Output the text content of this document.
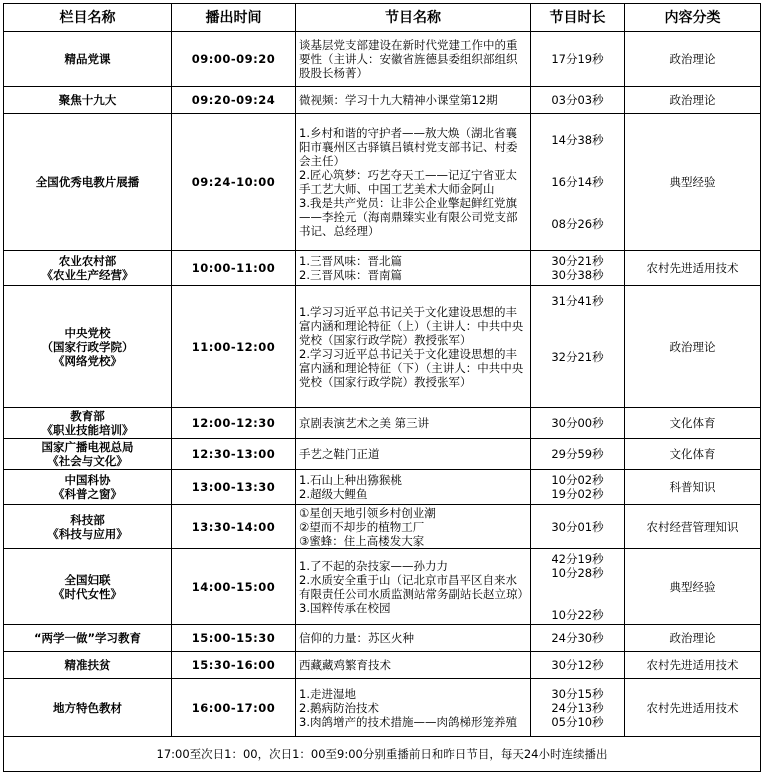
栏目名称	播出时间	节目名称	节目时长	内容分类

精品党课	09:00-09:20	谈基层党支部建设在新时代党建工作中的重要性（主讲人：安徽省旌德县委组织部组织股股长杨菁）	17分19秒	政治理论

聚焦十九大	09:20-09:24	微视频：学习十九大精神小课堂第12期	03分03秒	政治理论

全国优秀电教片展播	09:24-10:00	1.乡村和谐的守护者——敖大焕（湖北省襄阳市襄州区古驿镇吕镇村党支部书记、村委会主任）
2.匠心筑梦：巧艺夺天工——记辽宁省亚太手工艺大师、中国工艺美术大师金阿山
3.我是共产党员：让非公企业擎起鲜红党旗——李拴元（海南鼎臻实业有限公司党支部书记、总经理）	14分38秒
16分14秒
08分26秒	典型经验

农业农村部
《农业生产经营》	10:00-11:00	1.三晋风味：晋北篇
2.三晋风味：晋南篇	30分21秒
30分38秒	农村先进适用技术

中央党校
（国家行政学院）
《网络党校》	11:00-12:00	1.学习习近平总书记关于文化建设思想的丰富内涵和理论特征（上）（主讲人：中共中央党校（国家行政学院）教授张军）
2.学习习近平总书记关于文化建设思想的丰富内涵和理论特征（下）（主讲人：中共中央党校（国家行政学院）教授张军）	31分41秒
32分21秒	政治理论

教育部
《职业技能培训》	12:00-12:30	京剧表演艺术之美 第三讲	30分00秒	文化体育

国家广播电视总局
《社会与文化》	12:30-13:00	手艺之鞋门正道	29分59秒	文化体育

中国科协
《科普之窗》	13:00-13:30	1.石山上种出猕猴桃
2.超级大鲤鱼	10分02秒
19分02秒	科普知识

科技部
《科技与应用》	13:30-14:00	①星创天地引领乡村创业潮
②望而不却步的植物工厂
③蜜蜂：住上高楼发大家	30分01秒	农村经营管理知识

全国妇联
《时代女性》	14:00-15:00	1.了不起的杂技家——孙力力
2.水质安全重于山（记北京市昌平区自来水有限责任公司水质监测站常务副站长赵立琼）
3.国粹传承在校园	42分19秒
10分28秒
10分22秒	典型经验

“两学一做”学习教育	15:00-15:30	信仰的力量：苏区火种	24分30秒	政治理论

精准扶贫	15:30-16:00	西藏藏鸡繁育技术	30分12秒	农村先进适用技术

地方特色教材	16:00-17:00	1.走进湿地
2.鹅病防治技术
3.肉鸽增产的技术措施——肉鸽梯形笼养殖	30分15秒
24分13秒
05分10秒	农村先进适用技术
17:00至次日1：00，次日1：00至9:00分别重播前日和昨日节目，每天24小时连续播出				
